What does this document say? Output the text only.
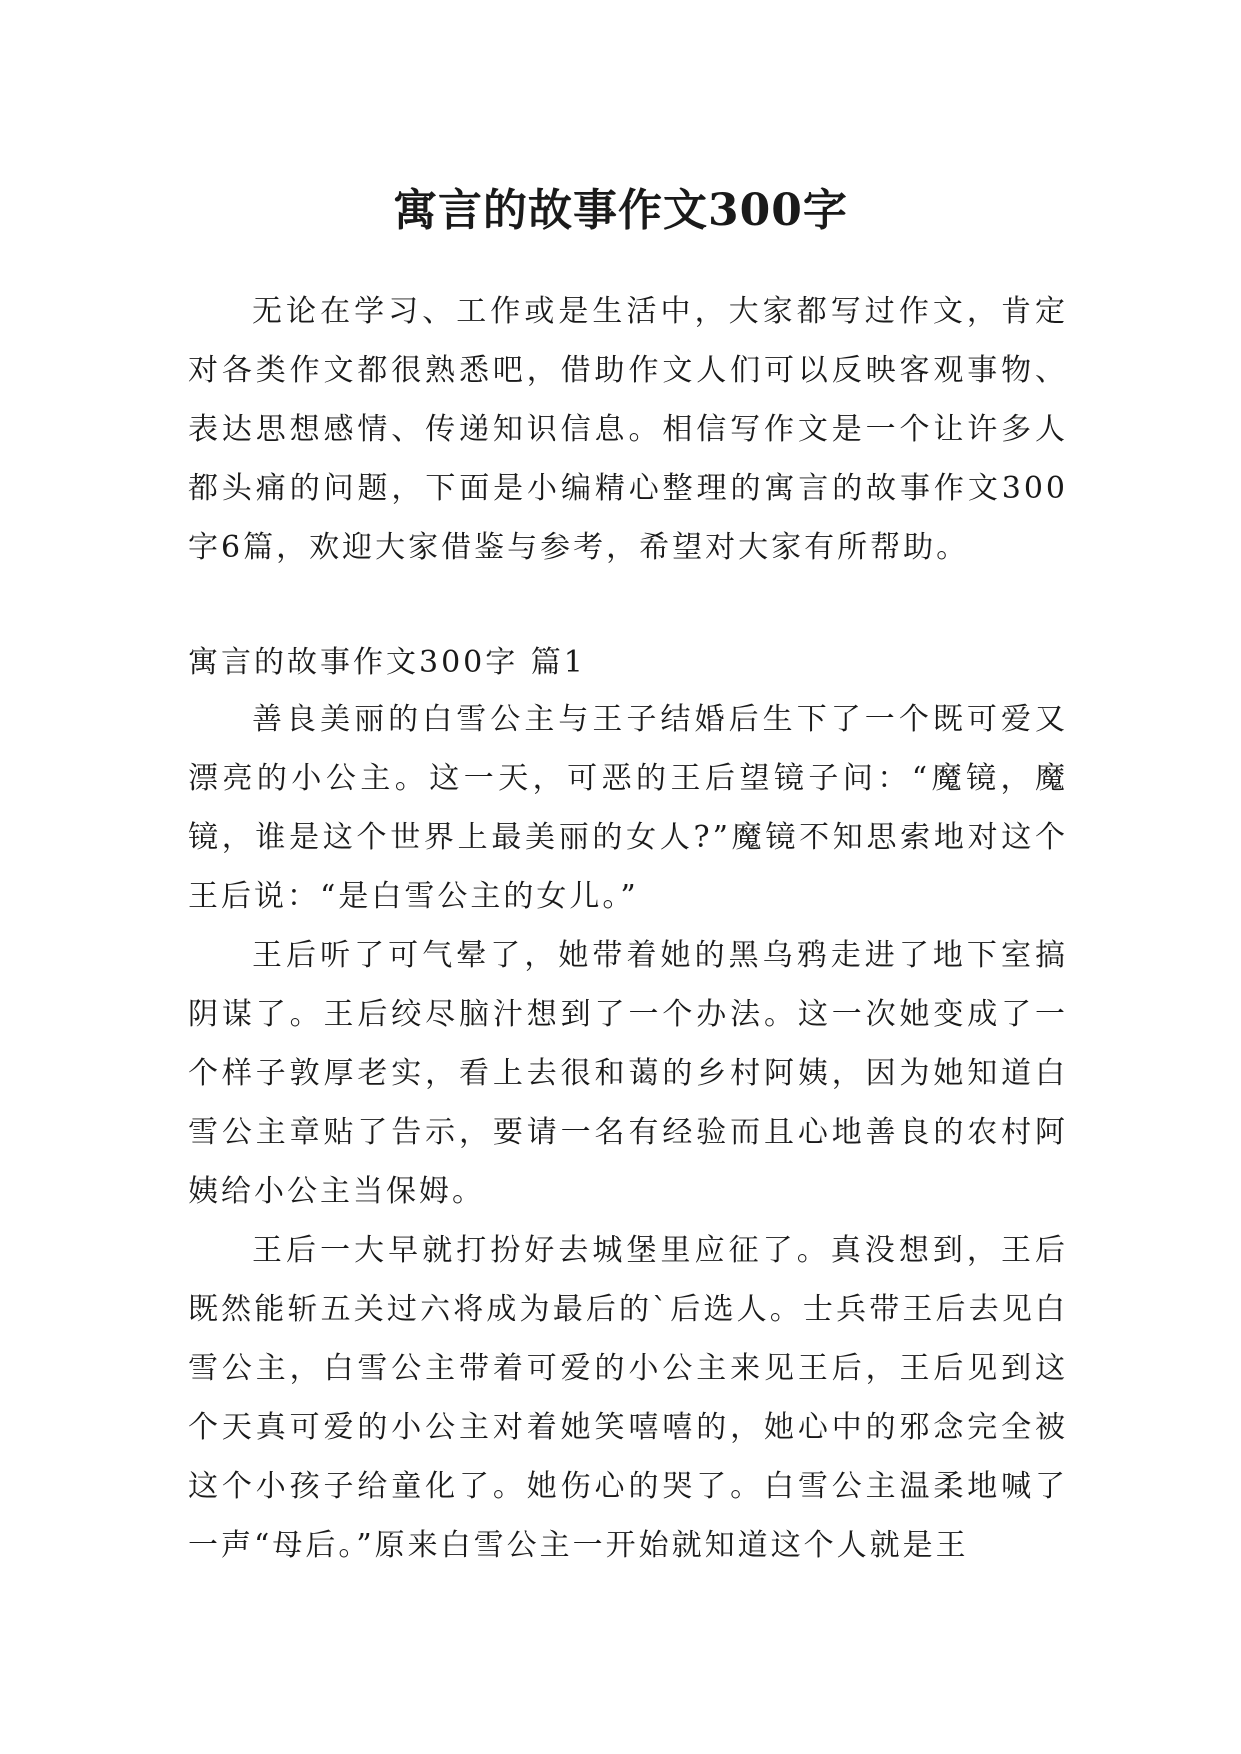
寓言的故事作文300字

无论在学习、工作或是生活中，大家都写过作文，肯定对各类作文都很熟悉吧，借助作文人们可以反映客观事物、表达思想感情、传递知识信息。相信写作文是一个让许多人都头痛的问题，下面是小编精心整理的寓言的故事作文300字6篇，欢迎大家借鉴与参考，希望对大家有所帮助。

寓言的故事作文300字 篇1

善良美丽的白雪公主与王子结婚后生下了一个既可爱又漂亮的小公主。这一天，可恶的王后望镜子问：“魔镜，魔镜，谁是这个世界上最美丽的女人?”魔镜不知思索地对这个王后说：“是白雪公主的女儿。”

王后听了可气晕了，她带着她的黑乌鸦走进了地下室搞阴谋了。王后绞尽脑汁想到了一个办法。这一次她变成了一个样子敦厚老实，看上去很和蔼的乡村阿姨，因为她知道白雪公主章贴了告示，要请一名有经验而且心地善良的农村阿姨给小公主当保姆。

王后一大早就打扮好去城堡里应征了。真没想到，王后既然能斩五关过六将成为最后的`后选人。士兵带王后去见白雪公主，白雪公主带着可爱的小公主来见王后，王后见到这个天真可爱的小公主对着她笑嘻嘻的，她心中的邪念完全被这个小孩子给童化了。她伤心的哭了。白雪公主温柔地喊了一声“母后。”原来白雪公主一开始就知道这个人就是王
